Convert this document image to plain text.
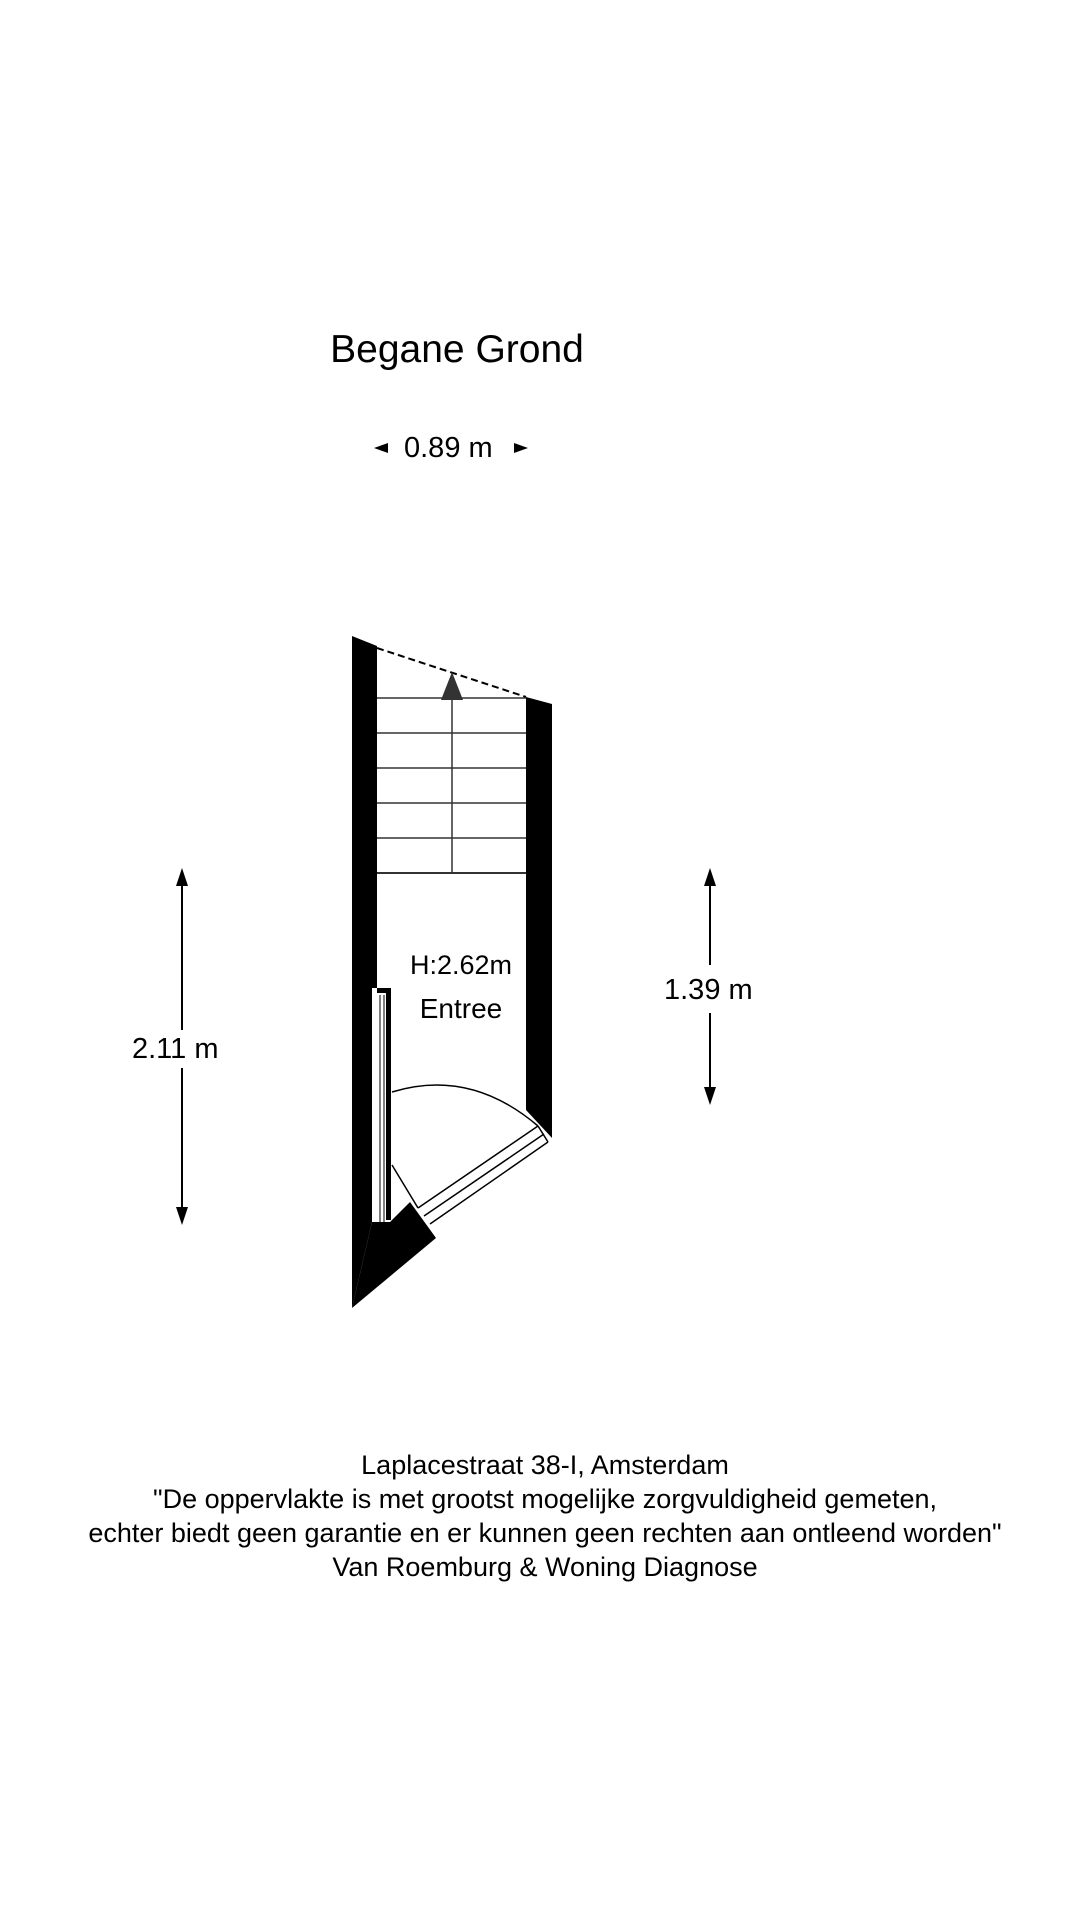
Begane Grond
0.89 m
2.11 m
1.39 m
H:2.62m
Entree
Laplacestraat 38-I, Amsterdam
"De oppervlakte is met grootst mogelijke zorgvuldigheid gemeten,
echter biedt geen garantie en er kunnen geen rechten aan ontleend worden"
Van Roemburg & Woning Diagnose
